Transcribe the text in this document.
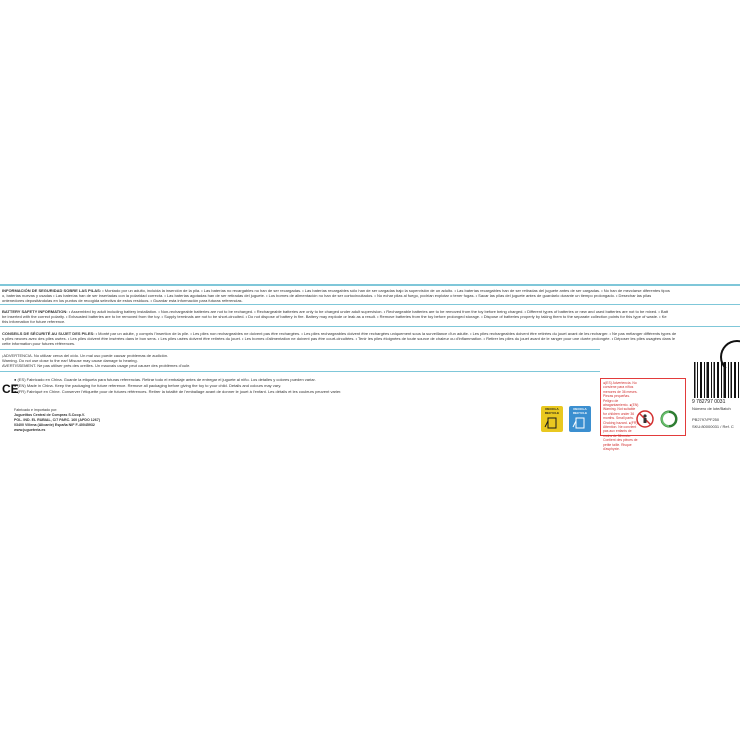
INFORMACIÓN DE SEGURIDAD SOBRE LAS PILAS: • Montado por un adulto, incluida la inserción de la pila. • Las baterías no recargables no han de ser recargadas. • Las baterías recargables sólo han de ser cargadas bajo la supervisión de un adulto. • Las baterías recargables han de ser retiradas del juguete antes de ser cargadas. • No han de mezclarse diferentes tipos
o, baterías nuevas y usadas • Las baterías han de ser insertadas con la polaridad correcta. • Las baterías agotadas han de ser retiradas del juguete. • Los bornes de alimentación no han de ser cortocircuitados. • No echar pilas al fuego, podrían explotar o tener fugas. • Sacar las pilas del juguete antes de guardarlo durante un tiempo prolongado. • Desechar las pilas
ontenedores depositándolas en los puntos de recogida selectiva de estos residuos. • Guardar esta información para futuras referencias.
BATTERY SAFETY INFORMATION: • Assembled by adult including battery installation. • Non-rechargeable batteries are not to be recharged. • Rechargeable batteries are only to be charged under adult supervision. • Rechargeable batteries are to be removed from the toy before being charged. • Different types of batteries or new and used batteries are not to be mixed. • Batt
be inserted with the correct polarity. • Exhausted batteries are to be removed from the toy. • Supply terminals are not to be short-circuited. • Do not dispose of battery in fire. Battery may explode or leak as a result. • Remove batteries from the toy before prolonged storage. • Dispose of batteries properly by taking them to the separate collection points for this type of waste. • Ke
this information for future reference.
CONSEILS DE SÉCURITÉ AU SUJET DES PILES: • Monté par un adulte, y compris l'insertion de la pile. • Les piles non rechargeables ne doivent pas être rechargées. • Les piles rechargeables doivent être rechargées uniquement sous la surveillance d'un adulte. • Les piles rechargeables doivent être retirées du jouet avant de les recharger. • Ne pas mélanger différents types de
s piles neuves avec des piles usées. • Les piles doivent être insérées dans le bon sens. • Les piles usées doivent être retirées du jouet. • Les bornes d'alimentation ne doivent pas être court-circuitées. • Tenir les piles éloignées de toute source de chaleur ou d'inflammation. • Retirer les piles du jouet avant de le ranger pour une durée prolongée. • Déposer les piles usagées dans le
cette information pour futures références.
¡ADVERTENCIA. No utilizar cerca del oído. Un mal uso puede causar problemas de audición.
Warning. Do not use close to the ear! Misuse may cause damage to hearing.
AVERTISSEMENT. Ne pas utiliser près des oreilles. Un mauvais usage peut causer des problèmes d'ouïe.
● (ES) Fabricado en China. Guarde la etiqueta para futuras referencias. Retirar todo el embalaje antes de entregar el juguete al niño. Los detalles y colores pueden variar.
● (EN) Made in China. Keep the packaging for future reference. Remove all packaging before giving the toy to your child. Details and colours may vary.
● (FR) Fabriqué en Chine. Conserver l'étiquette pour de futures références. Retirer la totalité de l'emballage avant de donner le jouet à l'enfant. Les détails et les couleurs peuvent varier.
CE
Fabricado e importado por:
Juguetitos Central de Compras S.Coop.V.
POL. IND. EL RUBIAL, C/7 PARC. 160 (APDO 1267)
03400 Villena (Alicante) España NIF F-40045932
www.jugueteria.es
RECICLA RECYCLE
RECICLA RECYCLE
●(ES) Advertencia. No conviene para niños menores de 36 meses. Piezas pequeñas. Peligro de atragantamiento. ●(EN) Warning. Not suitable for children under 36 months. Small parts. Choking hazard. ●(FR) Attention. Ne convient pas aux enfants de moins de 36 mois. Contient des pièces de petite taille. Risque d'asphyxie.
9 782797 0031
Número de lote/Batch
PB2797/PF250
SKU:80000031 / Ref. C
